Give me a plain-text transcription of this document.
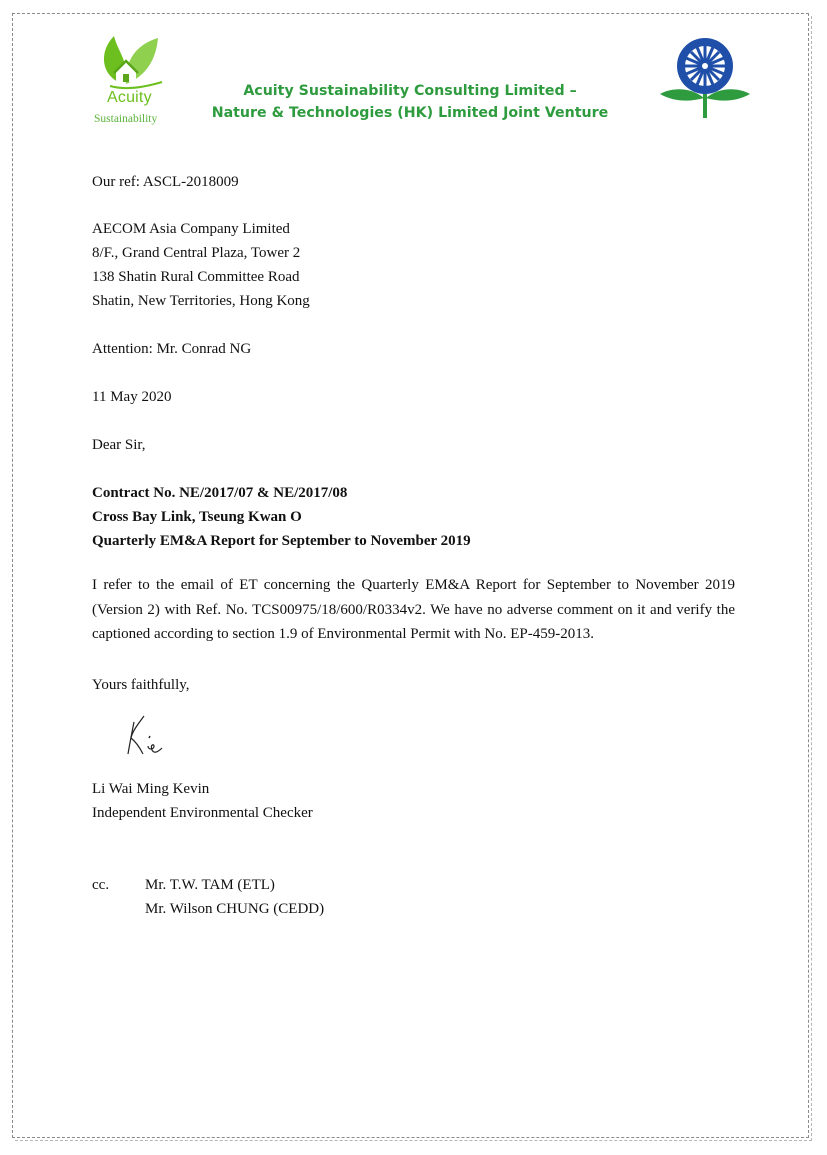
Acuity
Sustainability
Acuity Sustainability Consulting Limited –
Nature & Technologies (HK) Limited Joint Venture
Our ref: ASCL-2018009
AECOM Asia Company Limited
8/F., Grand Central Plaza, Tower 2
138 Shatin Rural Committee Road
Shatin, New Territories, Hong Kong
Attention: Mr. Conrad NG
11 May 2020
Dear Sir,
Contract No. NE/2017/07 & NE/2017/08
Cross Bay Link, Tseung Kwan O
Quarterly EM&A Report for September to November 2019
I refer to the email of ET concerning the Quarterly EM&A Report for September to November 2019 (Version 2) with Ref. No. TCS00975/18/600/R0334v2. We have no adverse comment on it and verify the captioned according to section 1.9 of Environmental Permit with No. EP-459-2013.
Yours faithfully,
Li Wai Ming Kevin
Independent Environmental Checker
cc. Mr. T.W. TAM (ETL)
Mr. Wilson CHUNG (CEDD)
